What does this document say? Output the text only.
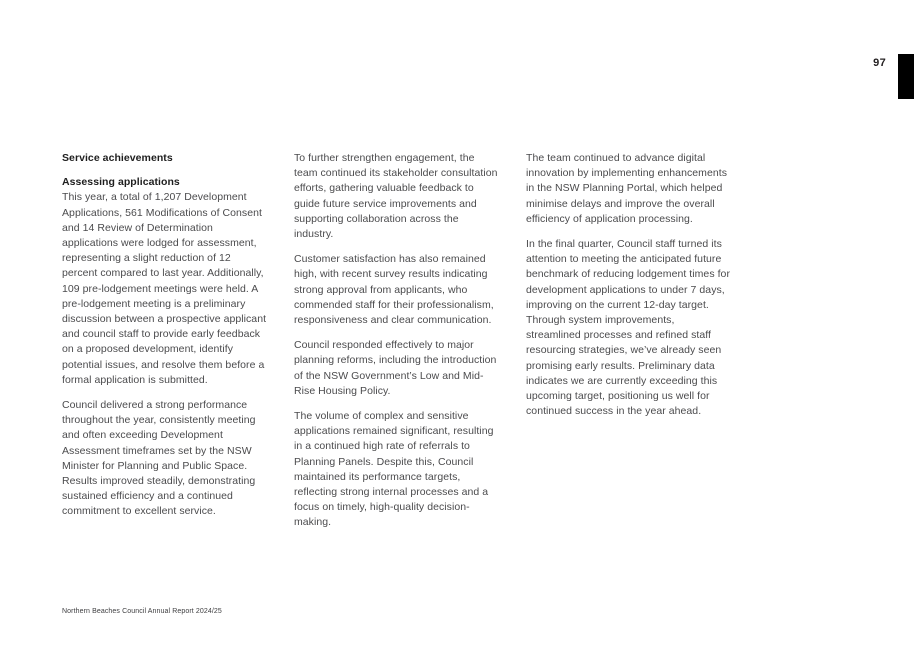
97
Service achievements
Assessing applications

This year, a total of 1,207 Development Applications, 561 Modifications of Consent and 14 Review of Determination applications were lodged for assessment, representing a slight reduction of 12 percent compared to last year. Additionally, 109 pre-lodgement meetings were held. A pre-lodgement meeting is a preliminary discussion between a prospective applicant and council staff to provide early feedback on a proposed development, identify potential issues, and resolve them before a formal application is submitted.

Council delivered a strong performance throughout the year, consistently meeting and often exceeding Development Assessment timeframes set by the NSW Minister for Planning and Public Space. Results improved steadily, demonstrating sustained efficiency and a continued commitment to excellent service.

To further strengthen engagement, the team continued its stakeholder consultation efforts, gathering valuable feedback to guide future service improvements and supporting collaboration across the industry.

Customer satisfaction has also remained high, with recent survey results indicating strong approval from applicants, who commended staff for their professionalism, responsiveness and clear communication.

Council responded effectively to major planning reforms, including the introduction of the NSW Government’s Low and Mid-Rise Housing Policy.

The volume of complex and sensitive applications remained significant, resulting in a continued high rate of referrals to Planning Panels. Despite this, Council maintained its performance targets, reflecting strong internal processes and a focus on timely, high-quality decision-making.

The team continued to advance digital innovation by implementing enhancements in the NSW Planning Portal, which helped minimise delays and improve the overall efficiency of application processing.

In the final quarter, Council staff turned its attention to meeting the anticipated future benchmark of reducing lodgement times for development applications to under 7 days, improving on the current 12-day target. Through system improvements, streamlined processes and refined staff resourcing strategies, we’ve already seen promising early results. Preliminary data indicates we are currently exceeding this upcoming target, positioning us well for continued success in the year ahead.

Northern Beaches Council Annual Report 2024/25
